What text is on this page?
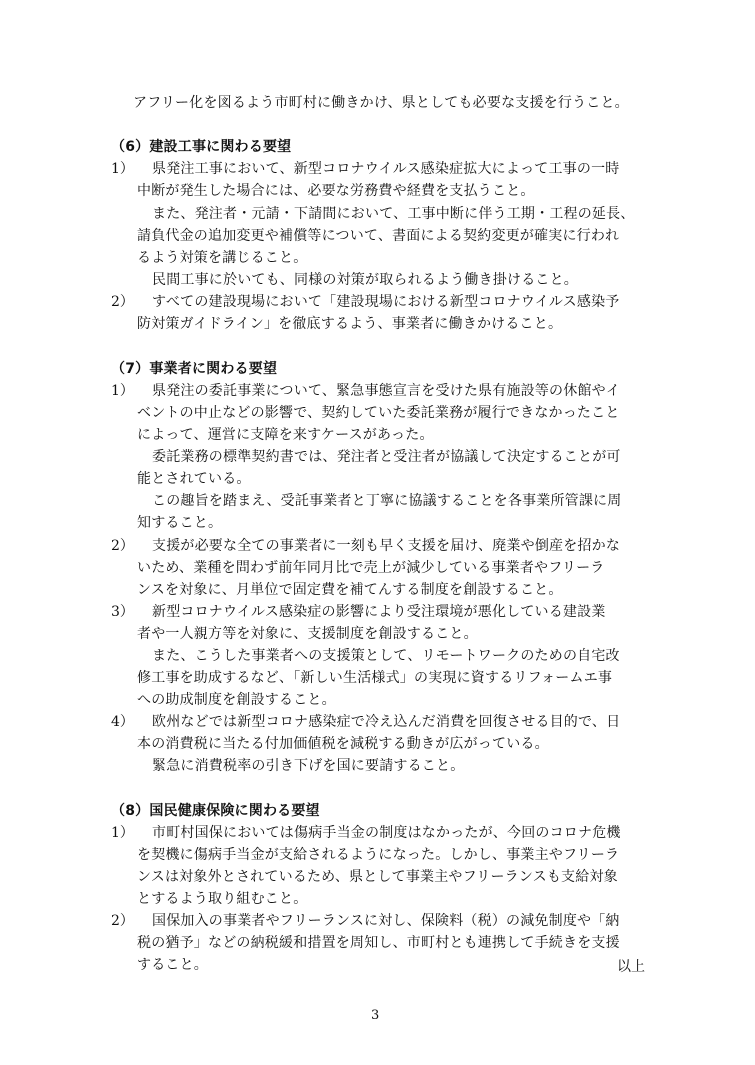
アフリー化を図るよう市町村に働きかけ、県としても必要な支援を行うこと。
（6）建設工事に関わる要望
1） 県発注工事において、新型コロナウイルス感染症拡大によって工事の一時
中断が発生した場合には、必要な労務費や経費を支払うこと。
また、発注者・元請・下請間において、工事中断に伴う工期・工程の延長、
請負代金の追加変更や補償等について、書面による契約変更が確実に行われ
るよう対策を講じること。
民間工事に於いても、同様の対策が取られるよう働き掛けること。
2） すべての建設現場において「建設現場における新型コロナウイルス感染予
防対策ガイドライン」を徹底するよう、事業者に働きかけること。
（7）事業者に関わる要望
1） 県発注の委託事業について、緊急事態宣言を受けた県有施設等の休館やイ
ベントの中止などの影響で、契約していた委託業務が履行できなかったこと
によって、運営に支障を来すケースがあった。
委託業務の標準契約書では、発注者と受注者が協議して決定することが可
能とされている。
この趣旨を踏まえ、受託事業者と丁寧に協議することを各事業所管課に周
知すること。
2） 支援が必要な全ての事業者に一刻も早く支援を届け、廃業や倒産を招かな
いため、業種を問わず前年同月比で売上が減少している事業者やフリーラ
ンスを対象に、月単位で固定費を補てんする制度を創設すること。
3） 新型コロナウイルス感染症の影響により受注環境が悪化している建設業
者や一人親方等を対象に、支援制度を創設すること。
また、こうした事業者への支援策として、リモートワークのための自宅改
修工事を助成するなど、「新しい生活様式」の実現に資するリフォームエ事
への助成制度を創設すること。
4） 欧州などでは新型コロナ感染症で冷え込んだ消費を回復させる目的で、日
本の消費税に当たる付加価値税を減税する動きが広がっている。
緊急に消費税率の引き下げを国に要請すること。
（8）国民健康保険に関わる要望
1） 市町村国保においては傷病手当金の制度はなかったが、今回のコロナ危機
を契機に傷病手当金が支給されるようになった。しかし、事業主やフリーラ
ンスは対象外とされているため、県として事業主やフリーランスも支給対象
とするよう取り組むこと。
2） 国保加入の事業者やフリーランスに対し、保険料（税）の減免制度や「納
税の猶予」などの納税緩和措置を周知し、市町村とも連携して手続きを支援
すること。	以上
3
